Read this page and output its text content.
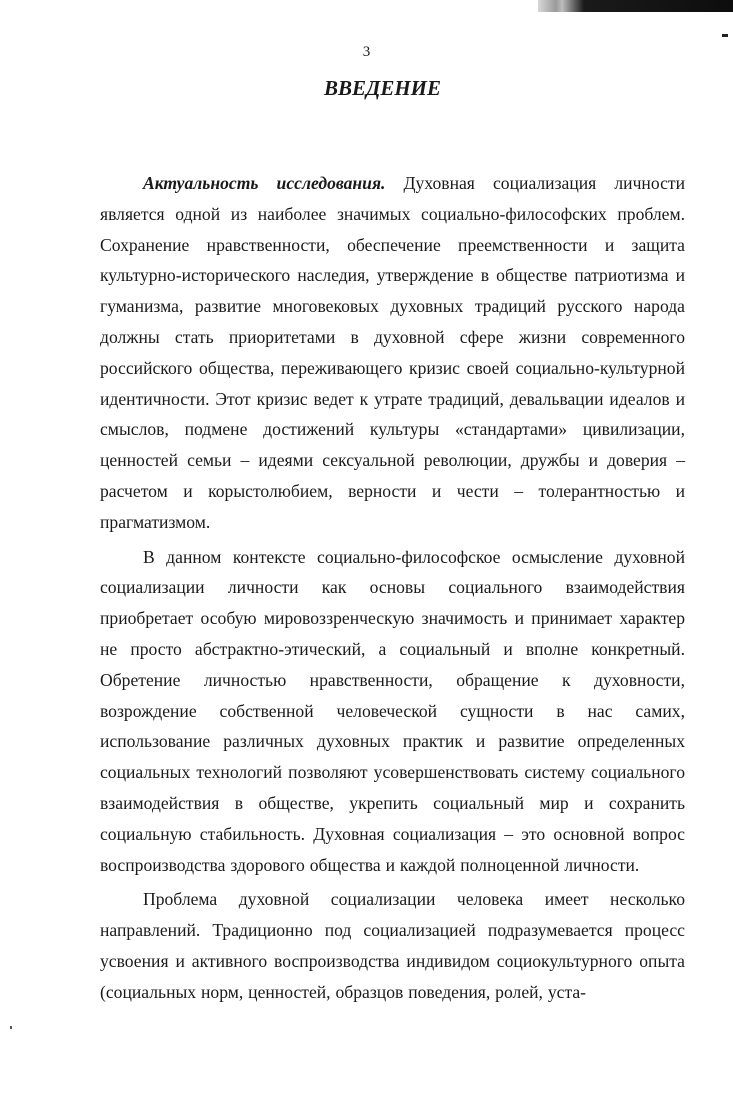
3
ВВЕДЕНИЕ

Актуальность исследования. Духовная социализация личности является одной из наиболее значимых социально-философских проблем. Сохранение нравственности, обеспечение преемственности и защита культурно-исторического наследия, утверждение в обществе патриотизма и гуманизма, развитие многовековых духовных традиций русского народа должны стать приоритетами в духовной сфере жизни современного российского общества, переживающего кризис своей социально-культурной идентичности. Этот кризис ведет к утрате традиций, девальвации идеалов и смыслов, подмене достижений культуры «стандартами» цивилизации, ценностей семьи – идеями сексуальной революции, дружбы и доверия – расчетом и корыстолюбием, верности и чести – толерантностью и прагматизмом.

В данном контексте социально-философское осмысление духовной социализации личности как основы социального взаимодействия приобретает особую мировоззренческую значимость и принимает характер не просто абстрактно-этический, а социальный и вполне конкретный. Обретение личностью нравственности, обращение к духовности, возрождение собственной человеческой сущности в нас самих, использование различных духовных практик и развитие определенных социальных технологий позволяют усовершенствовать систему социального взаимодействия в обществе, укрепить социальный мир и сохранить социальную стабильность. Духовная социализация – это основной вопрос воспроизводства здорового общества и каждой полноценной личности.

Проблема духовной социализации человека имеет несколько направлений. Традиционно под социализацией подразумевается процесс усвоения и активного воспроизводства индивидом социокультурного опыта (социальных норм, ценностей, образцов поведения, ролей, уста-
